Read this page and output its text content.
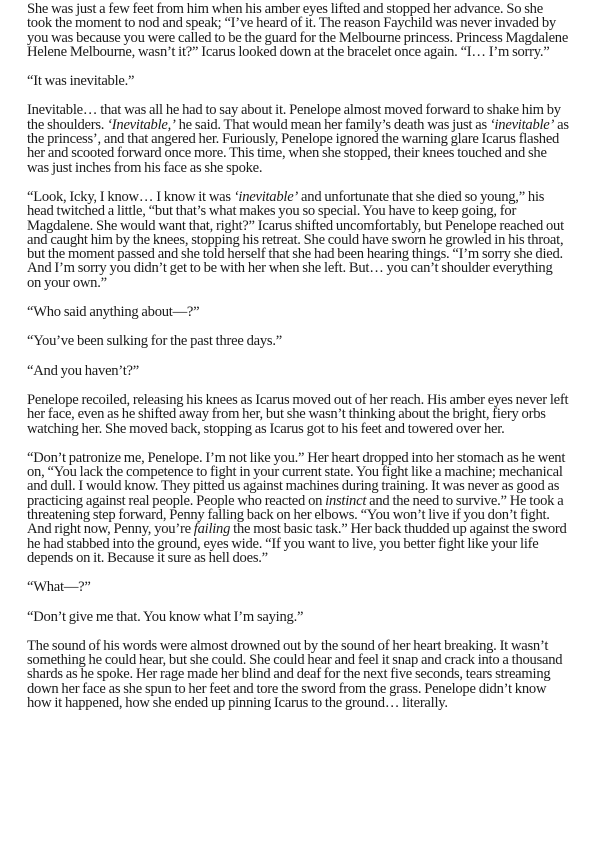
She was just a few feet from him when his amber eyes lifted and stopped her advance. So she took the moment to nod and speak; “I’ve heard of it. The reason Faychild was never invaded by you was because you were called to be the guard for the Melbourne princess. Princess Magdalene Helene Melbourne, wasn’t it?” Icarus looked down at the bracelet once again. “I… I’m sorry.”

“It was inevitable.”

Inevitable… that was all he had to say about it. Penelope almost moved forward to shake him by the shoulders. ‘Inevitable,’ he said. That would mean her family’s death was just as ‘inevitable’ as the princess’, and that angered her. Furiously, Penelope ignored the warning glare Icarus flashed her and scooted forward once more. This time, when she stopped, their knees touched and she was just inches from his face as she spoke.

“Look, Icky, I know… I know it was ‘inevitable’ and unfortunate that she died so young,” his head twitched a little, “but that’s what makes you so special. You have to keep going, for Magdalene. She would want that, right?” Icarus shifted uncomfortably, but Penelope reached out and caught him by the knees, stopping his retreat. She could have sworn he growled in his throat, but the moment passed and she told herself that she had been hearing things. “I’m sorry she died. And I’m sorry you didn’t get to be with her when she left. But… you can’t shoulder everything on your own.”

“Who said anything about—?”

“You’ve been sulking for the past three days.”

“And you haven’t?”

Penelope recoiled, releasing his knees as Icarus moved out of her reach. His amber eyes never left her face, even as he shifted away from her, but she wasn’t thinking about the bright, fiery orbs watching her. She moved back, stopping as Icarus got to his feet and towered over her.

“Don’t patronize me, Penelope. I’m not like you.” Her heart dropped into her stomach as he went on, “You lack the competence to fight in your current state. You fight like a machine; mechanical and dull. I would know. They pitted us against machines during training. It was never as good as practicing against real people. People who reacted on instinct and the need to survive.” He took a threatening step forward, Penny falling back on her elbows. “You won’t live if you don’t fight. And right now, Penny, you’re failing the most basic task.” Her back thudded up against the sword he had stabbed into the ground, eyes wide. “If you want to live, you better fight like your life depends on it. Because it sure as hell does.”

“What—?”

“Don’t give me that. You know what I’m saying.”

The sound of his words were almost drowned out by the sound of her heart breaking. It wasn’t something he could hear, but she could. She could hear and feel it snap and crack into a thousand shards as he spoke. Her rage made her blind and deaf for the next five seconds, tears streaming down her face as she spun to her feet and tore the sword from the grass. Penelope didn’t know how it happened, how she ended up pinning Icarus to the ground… literally.
